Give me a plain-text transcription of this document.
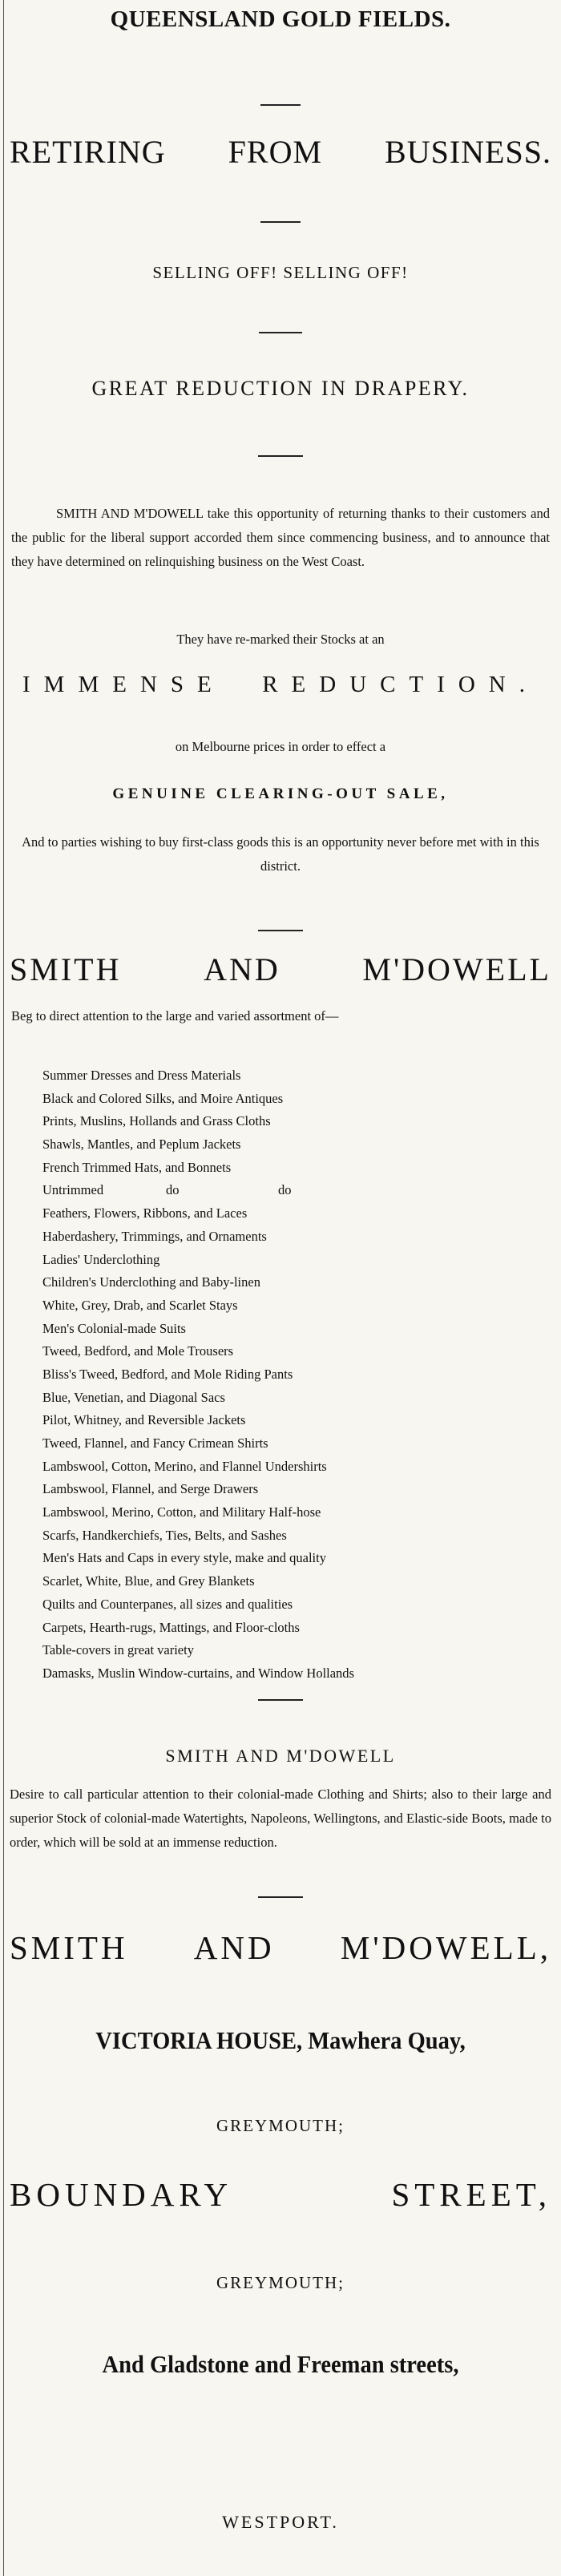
QUEENSLAND GOLD FIELDS.
RETIRING FROM BUSINESS.
SELLING OFF! SELLING OFF!
GREAT REDUCTION IN DRAPERY.
SMITH AND M'DOWELL take this opportunity of returning thanks to their customers and the public for the liberal support accorded them since commencing business, and to announce that they have determined on relinquishing business on the West Coast.
They have re-marked their Stocks at an
IMMENSE REDUCTION.
on Melbourne prices in order to effect a
GENUINE CLEARING-OUT SALE,
And to parties wishing to buy first-class goods this is an opportunity never before met with in this district.
SMITH	AND	M'DOWELL
Beg to direct attention to the large and varied assortment of—
Summer Dresses and Dress Materials
Black and Colored Silks, and Moire Antiques
Prints, Muslins, Hollands and Grass Cloths
Shawls, Mantles, and Peplum Jackets
French Trimmed Hats, and Bonnets
Untrimmed	do	do
Feathers, Flowers, Ribbons, and Laces
Haberdashery, Trimmings, and Ornaments
Ladies' Underclothing
Children's Underclothing and Baby-linen
White, Grey, Drab, and Scarlet Stays
Men's Colonial-made Suits
Tweed, Bedford, and Mole Trousers
Bliss's Tweed, Bedford, and Mole Riding Pants
Blue, Venetian, and Diagonal Sacs
Pilot, Whitney, and Reversible Jackets
Tweed, Flannel, and Fancy Crimean Shirts
Lambswool, Cotton, Merino, and Flannel Undershirts
Lambswool, Flannel, and Serge Drawers
Lambswool, Merino, Cotton, and Military Half-hose
Scarfs, Handkerchiefs, Ties, Belts, and Sashes
Men's Hats and Caps in every style, make and quality
Scarlet, White, Blue, and Grey Blankets
Quilts and Counterpanes, all sizes and qualities
Carpets, Hearth-rugs, Mattings, and Floor-cloths
Table-covers in great variety
Damasks, Muslin Window-curtains, and Window Hollands
SMITH AND M'DOWELL
Desire to call particular attention to their colonial-made Clothing and Shirts; also to their large and superior Stock of colonial-made Watertights, Napoleons, Wellingtons, and Elastic-side Boots, made to order, which will be sold at an immense reduction.
SMITH AND M'DOWELL,
VICTORIA HOUSE, Mawhera Quay,
GREYMOUTH;
BOUNDARY	STREET,
GREYMOUTH;
And Gladstone and Freeman streets,
WESTPORT.
